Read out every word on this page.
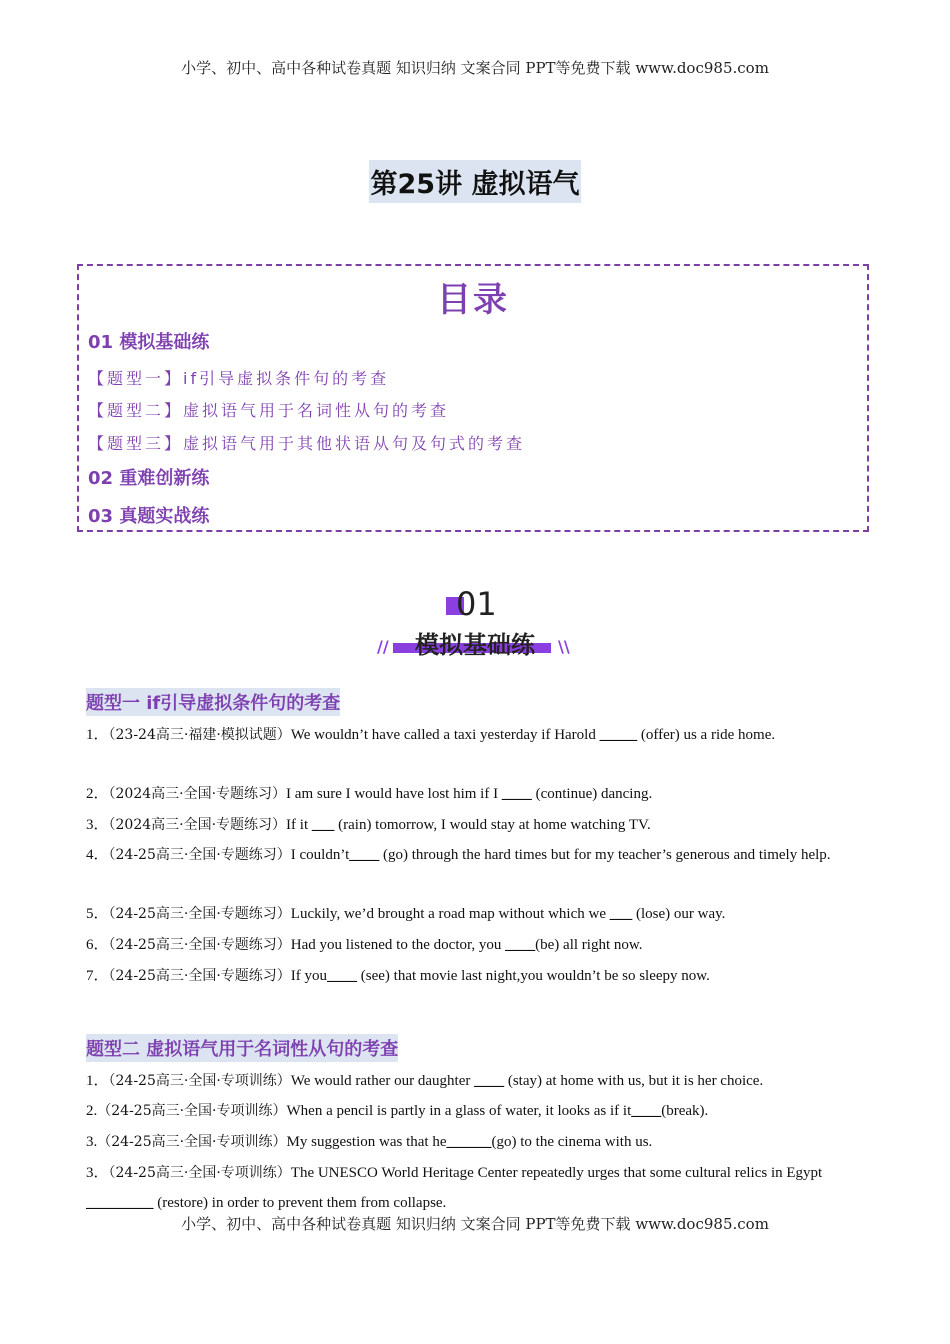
小学、初中、高中各种试卷真题 知识归纳 文案合同 PPT等免费下载 www.doc985.com
第25讲 虚拟语气
目录
01 模拟基础练
【题型一】if引导虚拟条件句的考查
【题型二】虚拟语气用于名词性从句的考查
【题型三】虚拟语气用于其他状语从句及句式的考查
02 重难创新练
03 真题实战练
01
模拟基础练
//	\\
题型一 if引导虚拟条件句的考查
1．（23-24高三·福建·模拟试题）We wouldn’t have called a taxi yesterday if Harold _____ (offer) us a ride home.
2．（2024高三·全国·专题练习）I am sure I would have lost him if I ____ (continue) dancing.
3．（2024高三·全国·专题练习）If it ___ (rain) tomorrow, I would stay at home watching TV.
4．（24-25高三·全国·专题练习）I couldn’t____ (go) through the hard times but for my teacher’s generous and timely help.
5．（24-25高三·全国·专题练习）Luckily, we’d brought a road map without which we ___ (lose) our way.
6．（24-25高三·全国·专题练习）Had you listened to the doctor, you ____(be) all right now.
7．（24-25高三·全国·专题练习）If you____ (see) that movie last night,you wouldn’t be so sleepy now.
题型二 虚拟语气用于名词性从句的考查
1．（24-25高三·全国·专项训练）We would rather our daughter ____ (stay) at home with us, but it is her choice.
2.（24-25高三·全国·专项训练）When a pencil is partly in a glass of water, it looks as if it____(break).
3.（24-25高三·全国·专项训练）My suggestion was that he______(go) to the cinema with us.
3．（24-25高三·全国·专项训练）The UNESCO World Heritage Center repeatedly urges that some cultural relics in Egypt _________ (restore) in order to prevent them from collapse.
小学、初中、高中各种试卷真题 知识归纳 文案合同 PPT等免费下载 www.doc985.com
